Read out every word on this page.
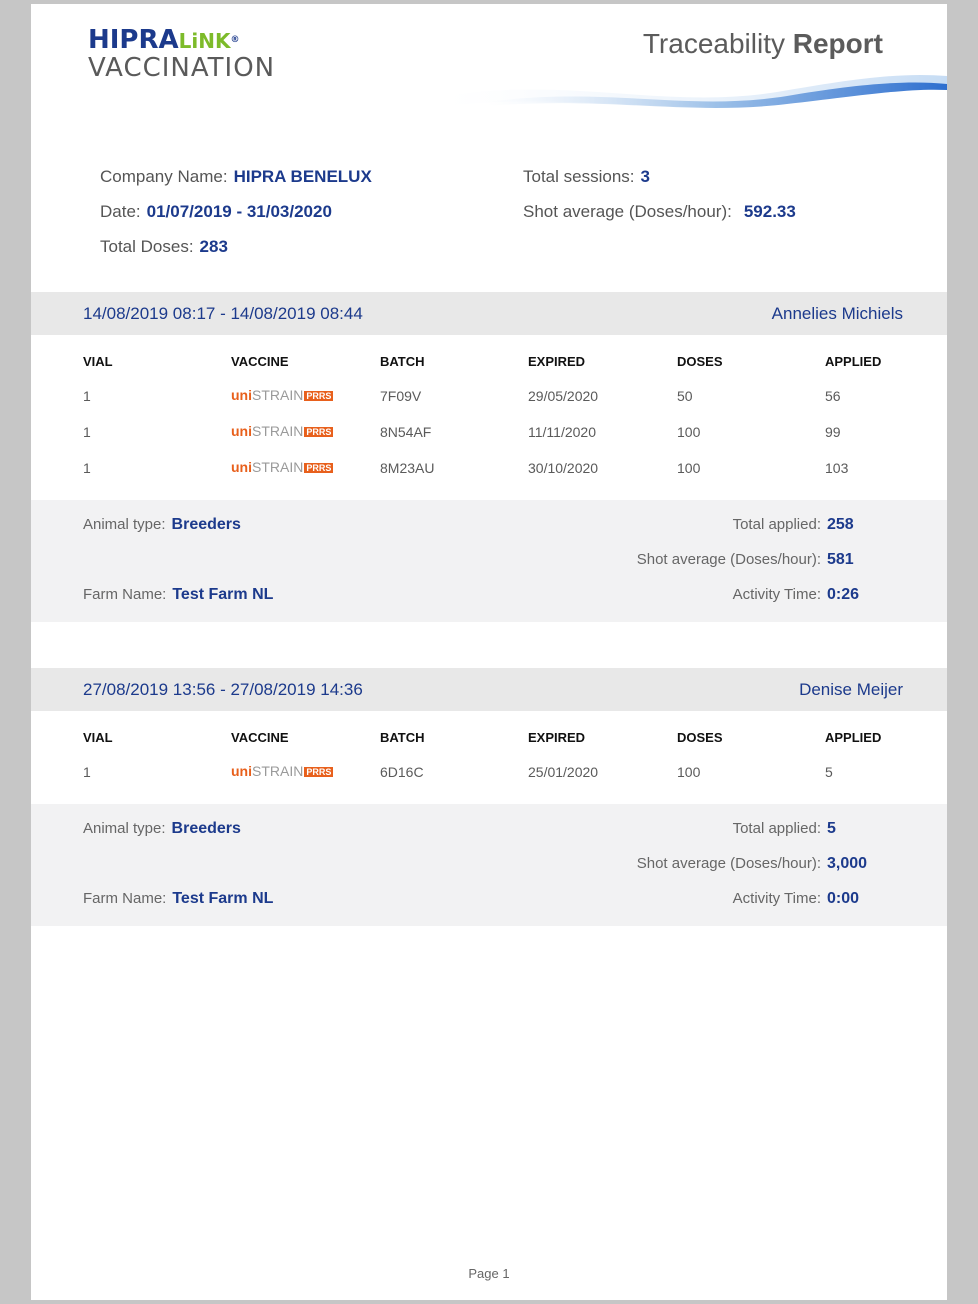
HIPRALiNK®
VACCINATION
Traceability Report
Company Name: HIPRA BENELUX
Date: 01/07/2019 - 31/03/2020
Total Doses: 283
Total sessions: 3
Shot average (Doses/hour): 592.33
14/08/2019 08:17 - 14/08/2019 08:44	Annelies Michiels
VIAL	VACCINE	BATCH	EXPIRED	DOSES	APPLIED
1	uniSTRAIN PRRS	7F09V	29/05/2020	50	56
1	uniSTRAIN PRRS	8N54AF	11/11/2020	100	99
1	uniSTRAIN PRRS	8M23AU	30/10/2020	100	103
Animal type: Breeders
Farm Name: Test Farm NL
Total applied: 258
Shot average (Doses/hour): 581
Activity Time: 0:26
27/08/2019 13:56 - 27/08/2019 14:36	Denise Meijer
VIAL	VACCINE	BATCH	EXPIRED	DOSES	APPLIED
1	uniSTRAIN PRRS	6D16C	25/01/2020	100	5
Animal type: Breeders
Farm Name: Test Farm NL
Total applied: 5
Shot average (Doses/hour): 3,000
Activity Time: 0:00
Page 1
